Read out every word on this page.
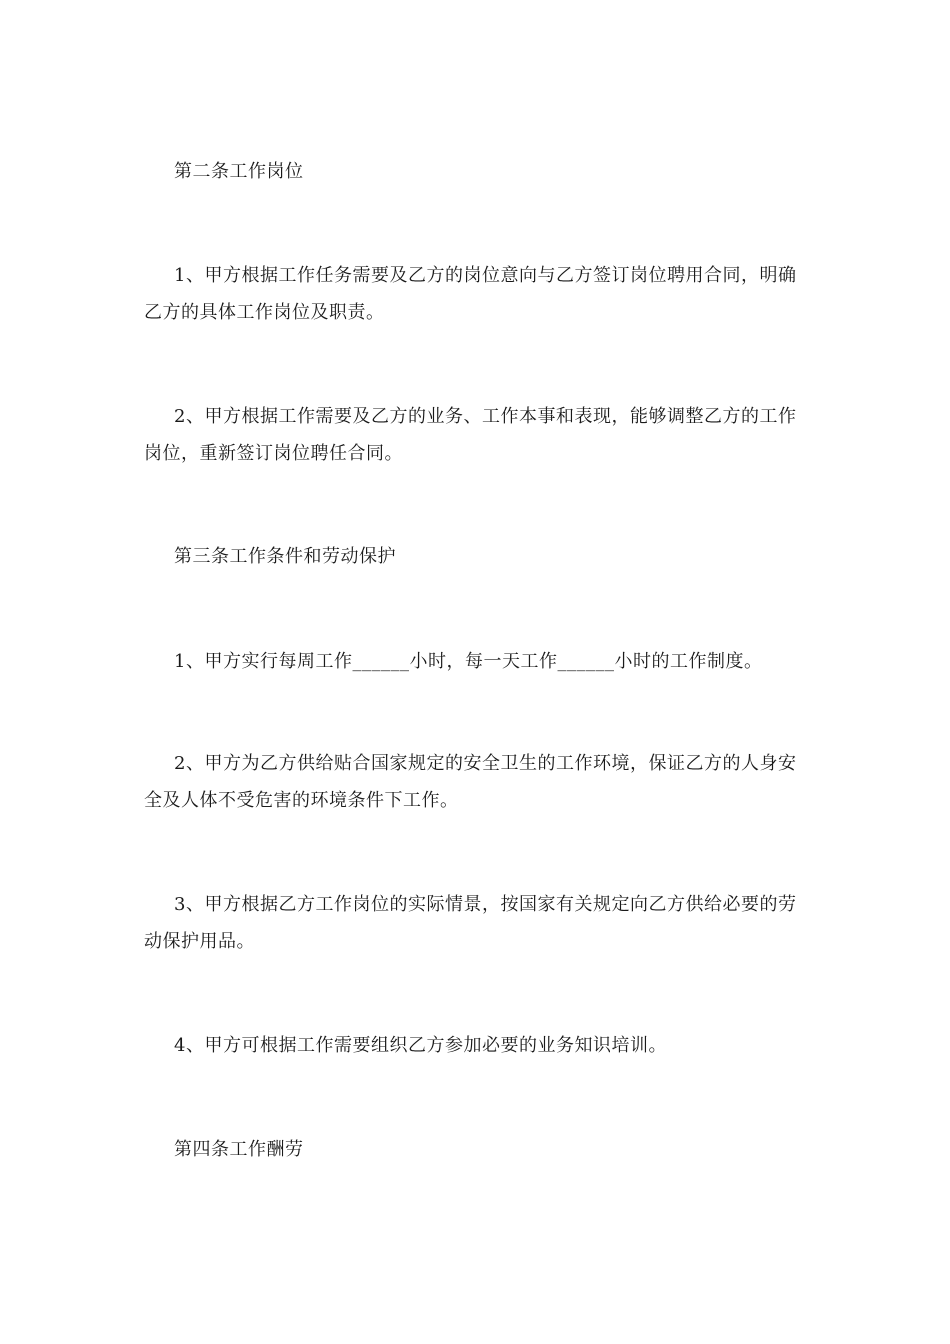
第二条工作岗位
1、甲方根据工作任务需要及乙方的岗位意向与乙方签订岗位聘用合同，明确乙方的具体工作岗位及职责。
2、甲方根据工作需要及乙方的业务、工作本事和表现，能够调整乙方的工作岗位，重新签订岗位聘任合同。
第三条工作条件和劳动保护
1、甲方实行每周工作______小时，每一天工作______小时的工作制度。
2、甲方为乙方供给贴合国家规定的安全卫生的工作环境，保证乙方的人身安全及人体不受危害的环境条件下工作。
3、甲方根据乙方工作岗位的实际情景，按国家有关规定向乙方供给必要的劳动保护用品。
4、甲方可根据工作需要组织乙方参加必要的业务知识培训。
第四条工作酬劳
